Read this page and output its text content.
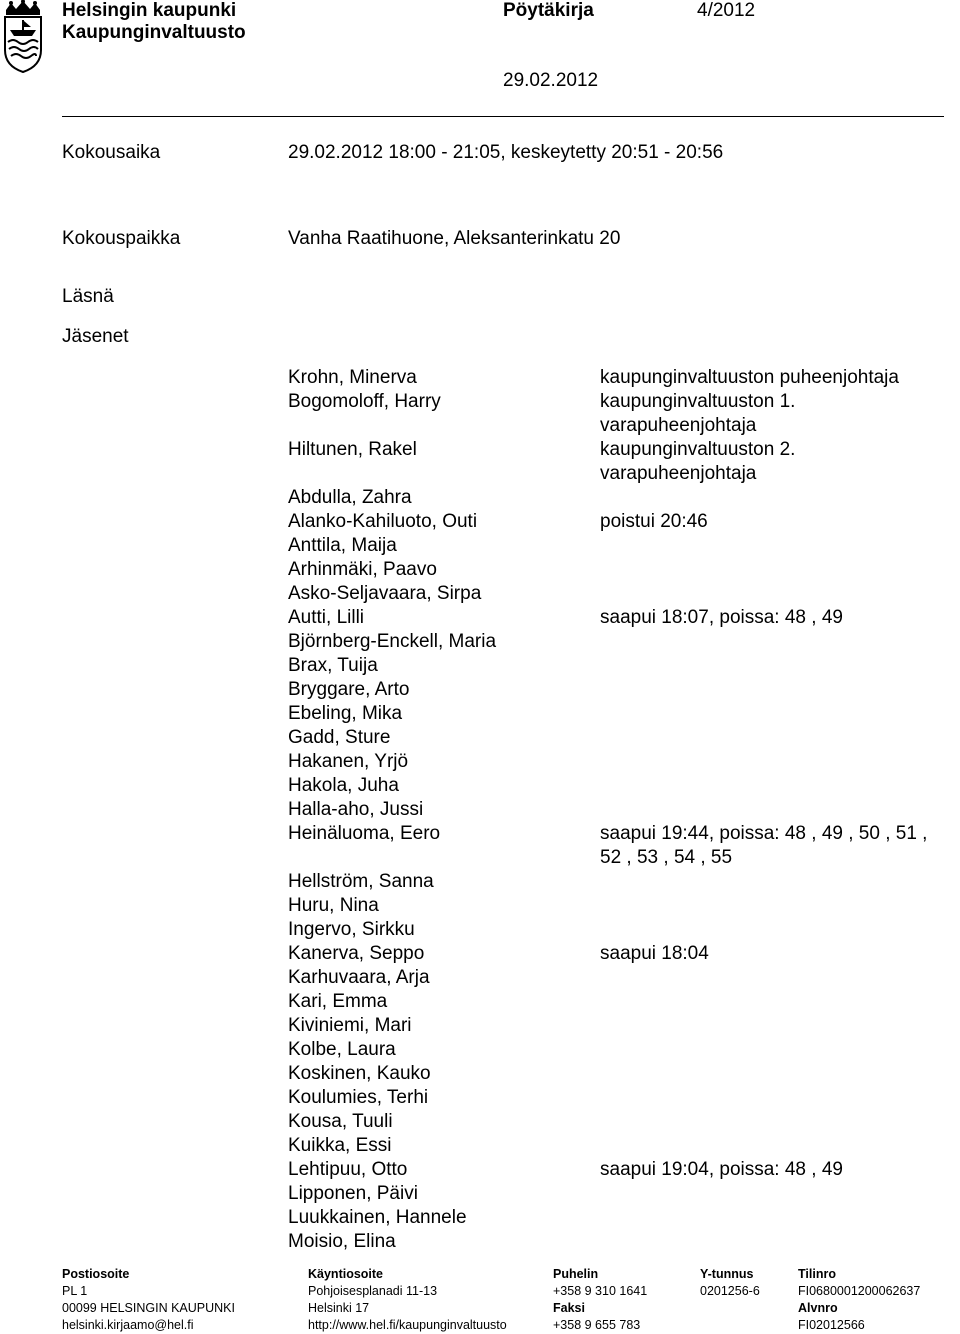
Helsingin kaupunki
Kaupunginvaltuusto
Pöytäkirja	4/2012
29.02.2012
Kokousaika	29.02.2012 18:00 - 21:05, keskeytetty 20:51 - 20:56
Kokouspaikka	Vanha Raatihuone, Aleksanterinkatu 20
Läsnä
Jäsenet
Krohn, Minerva	kaupunginvaltuuston puheenjohtaja
Bogomoloff, Harry	kaupunginvaltuuston 1. varapuheenjohtaja
Hiltunen, Rakel	kaupunginvaltuuston 2. varapuheenjohtaja
Abdulla, Zahra
Alanko-Kahiluoto, Outi	poistui 20:46
Anttila, Maija
Arhinmäki, Paavo
Asko-Seljavaara, Sirpa
Autti, Lilli	saapui 18:07, poissa: 48 , 49
Björnberg-Enckell, Maria
Brax, Tuija
Bryggare, Arto
Ebeling, Mika
Gadd, Sture
Hakanen, Yrjö
Hakola, Juha
Halla-aho, Jussi
Heinäluoma, Eero	saapui 19:44, poissa: 48 , 49 , 50 , 51 , 52 , 53 , 54 , 55
Hellström, Sanna
Huru, Nina
Ingervo, Sirkku
Kanerva, Seppo	saapui 18:04
Karhuvaara, Arja
Kari, Emma
Kiviniemi, Mari
Kolbe, Laura
Koskinen, Kauko
Koulumies, Terhi
Kousa, Tuuli
Kuikka, Essi
Lehtipuu, Otto	saapui 19:04, poissa: 48 , 49
Lipponen, Päivi
Luukkainen, Hannele
Moisio, Elina
Postiosoite
PL 1
00099 HELSINGIN KAUPUNKI
helsinki.kirjaamo@hel.fi
Käyntiosoite
Pohjoisesplanadi 11-13
Helsinki 17
http://www.hel.fi/kaupunginvaltuusto
Puhelin
+358 9 310 1641
Faksi
+358 9 655 783
Y-tunnus
0201256-6
Tilinro
FI0680001200062637
Alvnro
FI02012566
